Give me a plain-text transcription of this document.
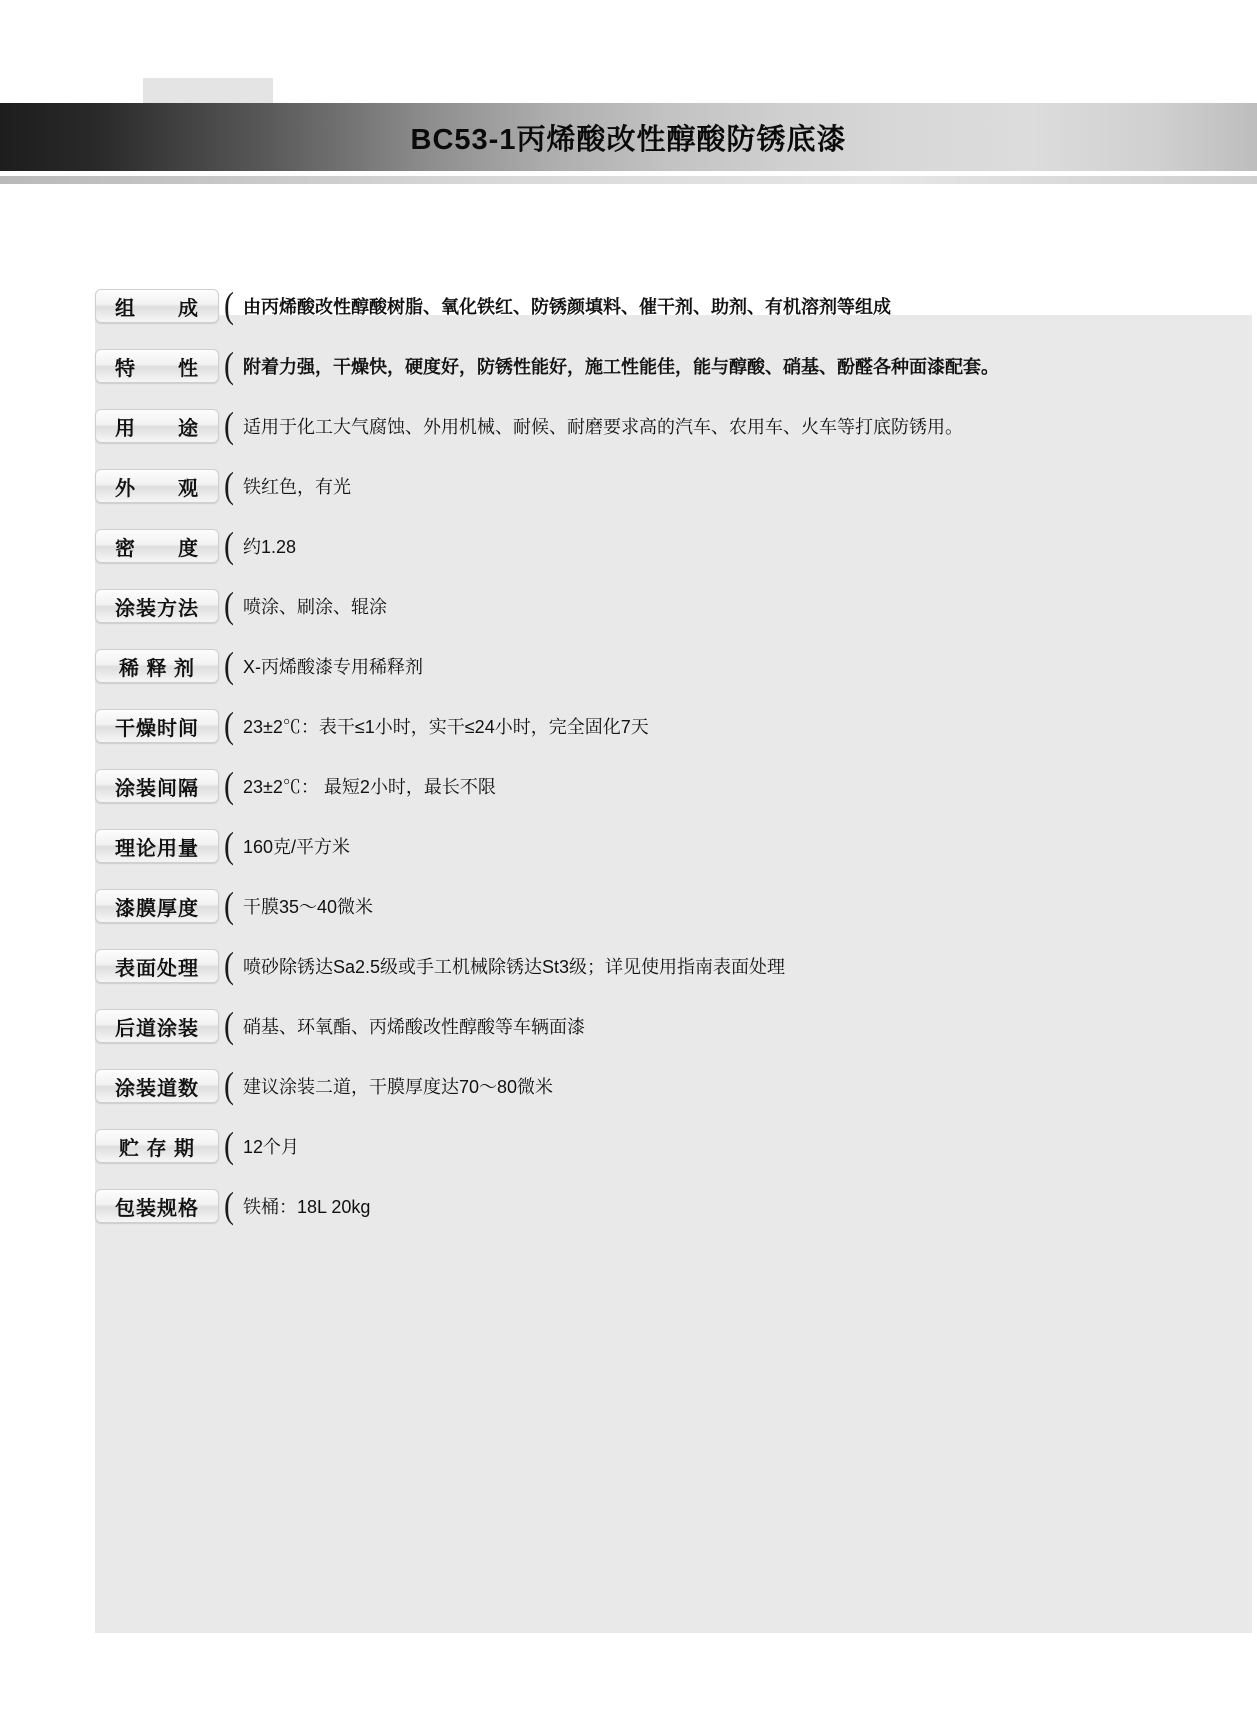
BC53-1丙烯酸改性醇酸防锈底漆
组　　成 ( 由丙烯酸改性醇酸树脂、氧化铁红、防锈颜填料、催干剂、助剂、有机溶剂等组成
特　　性 ( 附着力强，干燥快，硬度好，防锈性能好，施工性能佳，能与醇酸、硝基、酚醛各种面漆配套。
用　　途 ( 适用于化工大气腐蚀、外用机械、耐候、耐磨要求高的汽车、农用车、火车等打底防锈用。
外　　观 ( 铁红色，有光
密　　度 ( 约1.28
涂装方法 ( 喷涂、刷涂、辊涂
稀 释 剂 ( X-丙烯酸漆专用稀释剂
干燥时间 ( 23±2℃：表干≤1小时，实干≤24小时，完全固化7天
涂装间隔 ( 23±2℃： 最短2小时，最长不限
理论用量 ( 160克/平方米
漆膜厚度 ( 干膜35～40微米
表面处理 ( 喷砂除锈达Sa2.5级或手工机械除锈达St3级；详见使用指南表面处理
后道涂装 ( 硝基、环氧酯、丙烯酸改性醇酸等车辆面漆
涂装道数 ( 建议涂装二道，干膜厚度达70～80微米
贮 存 期 ( 12个月
包装规格 ( 铁桶：18L 20kg
